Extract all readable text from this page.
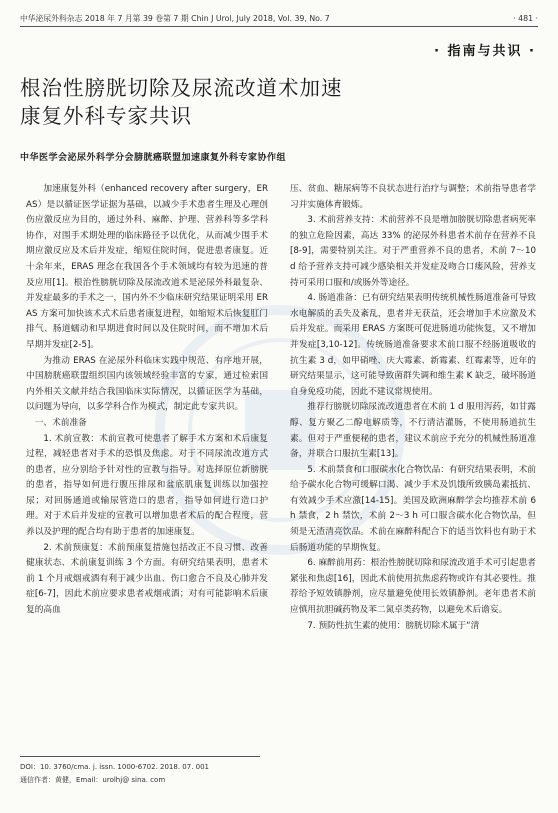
中华泌尿外科杂志 2018 年 7 月第 39 卷第 7 期 Chin J Urol, July 2018, Vol. 39, No. 7	· 481 ·
· 指南与共识 ·
根治性膀胱切除及尿流改道术加速
康复外科专家共识
中华医学会泌尿外科学分会膀胱癌联盟加速康复外科专家协作组

加速康复外科（enhanced recovery after surgery，ERAS）是以循证医学证据为基础，以减少手术患者生理及心理创伤应激反应为目的，通过外科、麻醉、护理、营养科等多学科协作，对围手术期处理的临床路径予以优化，从而减少围手术期应激反应及术后并发症，缩短住院时间，促进患者康复。近十余年来，ERAS 理念在我国各个手术领域均有较为迅速的普及应用[1]。根治性膀胱切除及尿流改道术是泌尿外科最复杂、并发症最多的手术之一，国内外不少临床研究结果证明采用 ERAS 方案可加快该术式术后患者康复进程，如缩短术后恢复肛门排气、肠道蠕动和早期进食时间以及住院时间，而不增加术后早期并发症[2-5]。

为推动 ERAS 在泌尿外科临床实践中规范、有序地开展，中国膀胱癌联盟组织国内该领域经验丰富的专家，通过检索国内外相关文献并结合我国临床实际情况，以循证医学为基础，以问题为导向，以多学科合作为模式，制定此专家共识。

一、术前准备

1. 术前宣教：术前宣教可使患者了解手术方案和术后康复过程，减轻患者对手术的恐惧及焦虑。对于不同尿流改道方式的患者，应分别给予针对性的宣教与指导。对选择原位新膀胱的患者，指导如何进行腹压排尿和盆底肌康复训练以加强控尿；对回肠通道或输尿管造口的患者，指导如何进行造口护理。对于术后并发症的宣教可以增加患者术后的配合程度，营养以及护理的配合均有助于患者的加速康复。

2. 术前预康复：术前预康复措施包括改正不良习惯、改善健康状态、术前康复训练 3 个方面。有研究结果表明，患者术前 1 个月戒烟戒酒有利于减少出血、伤口愈合不良及心肺并发症[6-7]，因此术前应要求患者戒烟戒酒；对有可能影响术后康复的高血

压、贫血、糖尿病等不良状态进行治疗与调整；术前指导患者学习并实施体育锻炼。

3. 术前营养支持：术前营养不良是增加膀胱切除患者病死率的独立危险因素，高达 33% 的泌尿外科患者术前存在营养不良[8-9]，需要特别关注。对于严重营养不良的患者，术前 7～10 d 给予营养支持可减少感染相关并发症及吻合口瘘风险，营养支持可采用口服和/或肠外等途径。

4. 肠道准备：已有研究结果表明传统机械性肠道准备可导致水电解质的丢失及紊乱，患者并无获益，还会增加手术应激及术后并发症。而采用 ERAS 方案既可促进肠道功能恢复，又不增加并发症[3,10-12]。传统肠道准备要求术前口服不经肠道吸收的抗生素 3 d，如甲硝唑、庆大霉素、新霉素、红霉素等，近年的研究结果显示，这可能导致菌群失调和维生素 K 缺乏，破坏肠道自身免疫功能，因此不建议常规使用。

推荐行膀胱切除尿流改道患者在术前 1 d 服用泻药，如甘露醇、复方聚乙二醇电解质等，不行清洁灌肠，不使用肠道抗生素。但对于严重便秘的患者，建议术前应予充分的机械性肠道准备，并联合口服抗生素[13]。

5. 术前禁食和口服碳水化合物饮品：有研究结果表明，术前给予碳水化合物可缓解口渴、减少手术及饥饿所致胰岛素抵抗、有效减少手术应激[14-15]。美国及欧洲麻醉学会均推荐术前 6 h 禁食，2 h 禁饮，术前 2～3 h 可口服含碳水化合物饮品，但须是无渣清亮饮品。术前在麻醉科配合下的适当饮料也有助于术后肠道功能的早期恢复。

6. 麻醉前用药：根治性膀胱切除和尿流改道手术可引起患者紧张和焦虑[16]，因此术前使用抗焦虑药物或许有其必要性。推荐给予短效镇静剂，应尽量避免使用长效镇静剂。老年患者术前应慎用抗胆碱药物及苯二氮卓类药物，以避免术后谵妄。

7. 预防性抗生素的使用：膀胱切除术属于“清

DOI：10. 3760/cma. j. issn. 1000-6702. 2018. 07. 001
通信作者：黄健，Email：urolhj@ sina. com
